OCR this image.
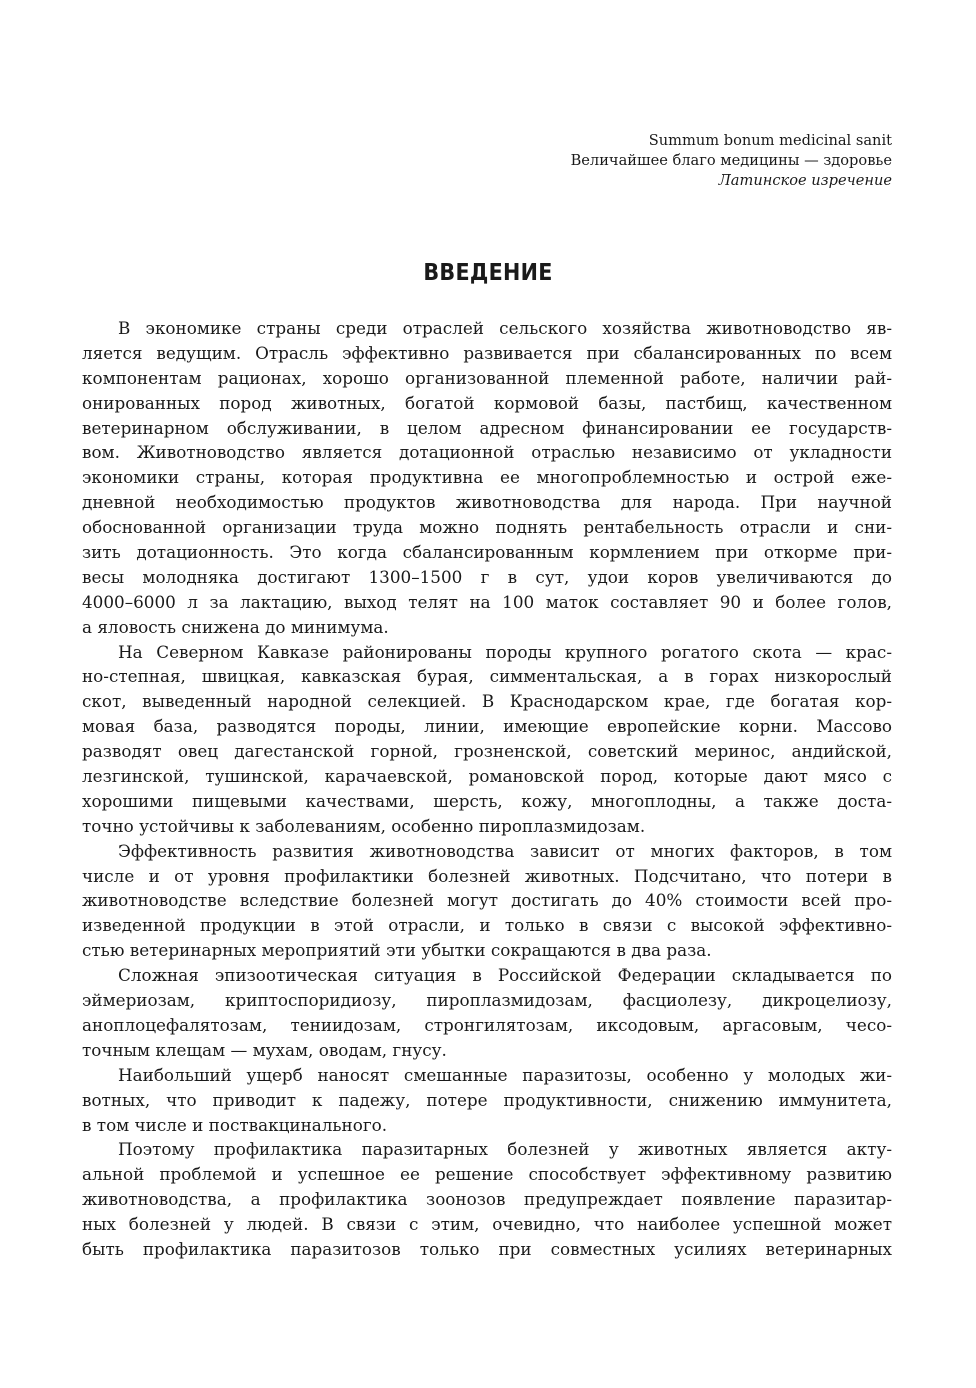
Summum bonum medicinal sanit
Величайшее благо медицины — здоровье
Латинское изречение
ВВЕДЕНИЕ
В экономике страны среди отраслей сельского хозяйства животноводство яв-
ляется ведущим. Отрасль эффективно развивается при сбалансированных по всем
компонентам рационах, хорошо организованной племенной работе, наличии рай-
онированных пород животных, богатой кормовой базы, пастбищ, качественном
ветеринарном обслуживании, в целом адресном финансировании ее государств-
вом. Животноводство является дотационной отраслью независимо от укладности
экономики страны, которая продуктивна ее многопроблемностью и острой еже-
дневной необходимостью продуктов животноводства для народа. При научной
обоснованной организации труда можно поднять рентабельность отрасли и сни-
зить дотационность. Это когда сбалансированным кормлением при откорме при-
весы молодняка достигают 1300–1500 г в сут, удои коров увеличиваются до
4000–6000 л за лактацию, выход телят на 100 маток составляет 90 и более голов,
а яловость снижена до минимума.
На Северном Кавказе районированы породы крупного рогатого скота — крас-
но-степная, швицкая, кавказская бурая, симментальская, а в горах низкорослый
скот, выведенный народной селекцией. В Краснодарском крае, где богатая кор-
мовая база, разводятся породы, линии, имеющие европейские корни. Массово
разводят овец дагестанской горной, грозненской, советский меринос, андийской,
лезгинской, тушинской, карачаевской, романовской пород, которые дают мясо с
хорошими пищевыми качествами, шерсть, кожу, многоплодны, а также доста-
точно устойчивы к заболеваниям, особенно пироплазмидозам.
Эффективность развития животноводства зависит от многих факторов, в том
числе и от уровня профилактики болезней животных. Подсчитано, что потери в
животноводстве вследствие болезней могут достигать до 40% стоимости всей про-
изведенной продукции в этой отрасли, и только в связи с высокой эффективно-
стью ветеринарных мероприятий эти убытки сокращаются в два раза.
Сложная эпизоотическая ситуация в Российской Федерации складывается по
эймериозам, криптоспоридиозу, пироплазмидозам, фасциолезу, дикроцелиозу,
аноплоцефалятозам, тениидозам, стронгилятозам, иксодовым, аргасовым, чесо-
точным клещам — мухам, оводам, гнусу.
Наибольший ущерб наносят смешанные паразитозы, особенно у молодых жи-
вотных, что приводит к падежу, потере продуктивности, снижению иммунитета,
в том числе и поствакцинального.
Поэтому профилактика паразитарных болезней у животных является акту-
альной проблемой и успешное ее решение способствует эффективному развитию
животноводства, а профилактика зоонозов предупреждает появление паразитар-
ных болезней у людей. В связи с этим, очевидно, что наиболее успешной может
быть профилактика паразитозов только при совместных усилиях ветеринарных
